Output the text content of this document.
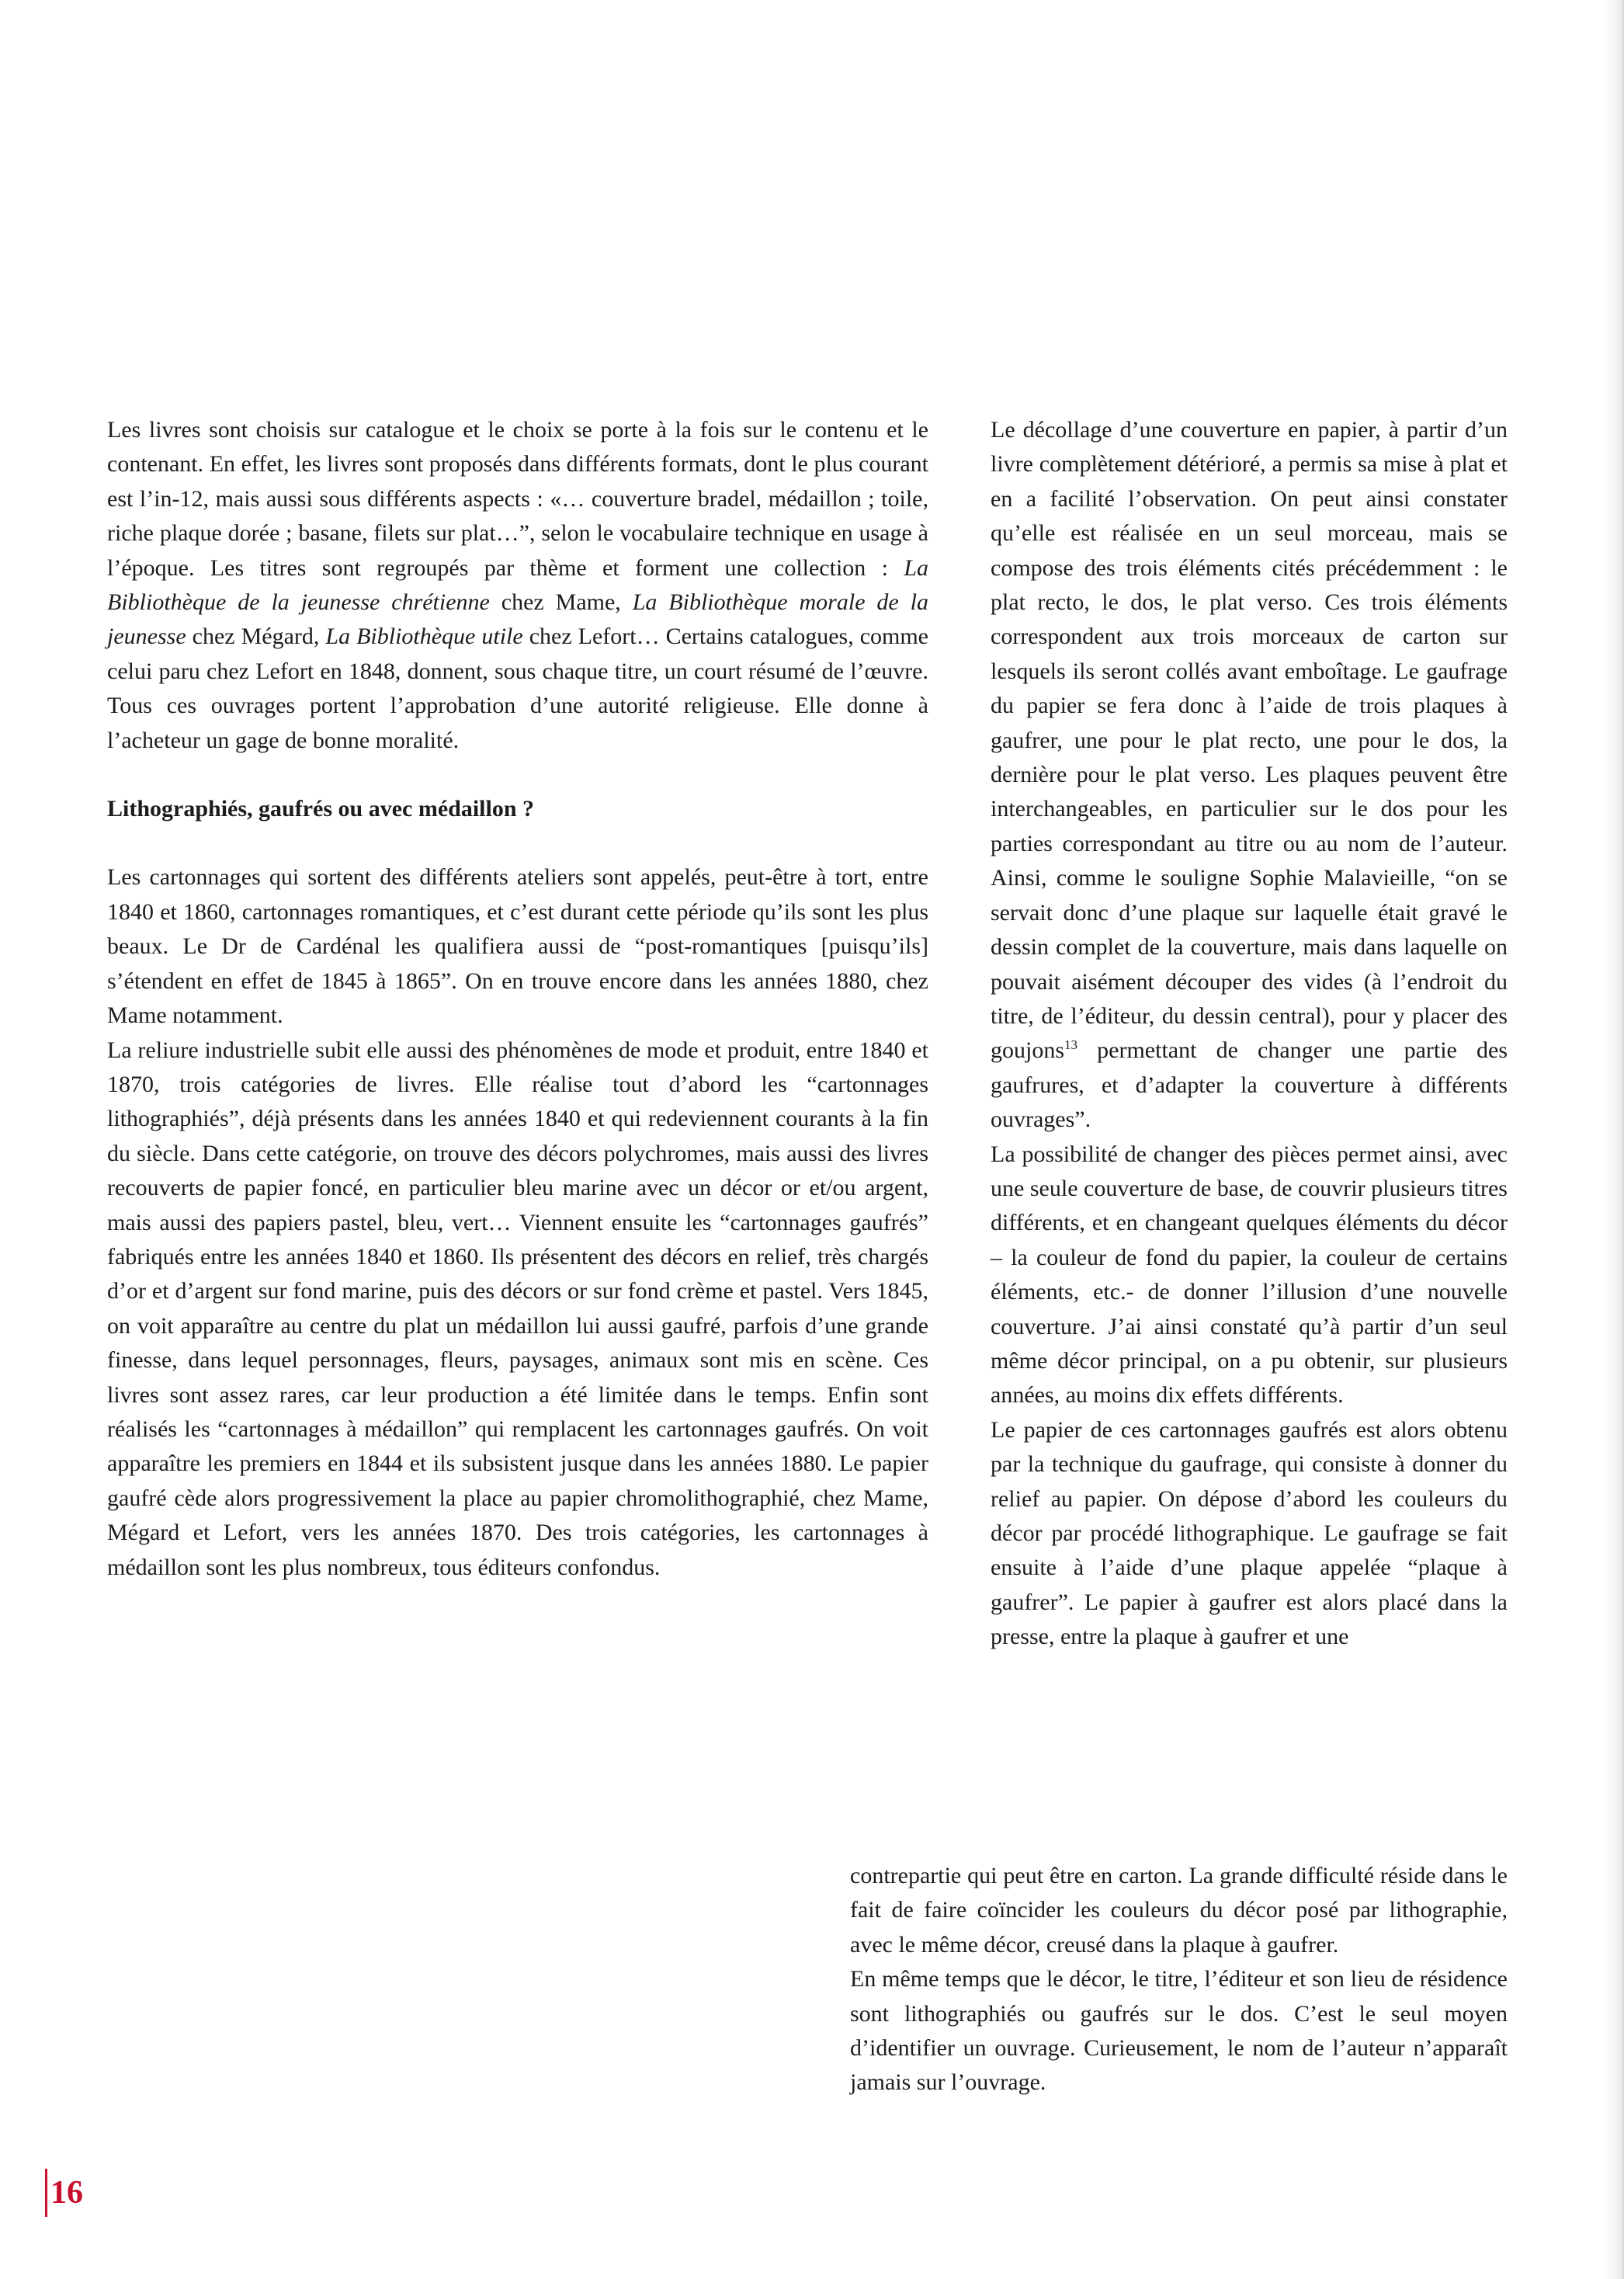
Les livres sont choisis sur catalogue et le choix se porte à la fois sur le contenu et le contenant. En effet, les livres sont proposés dans différents formats, dont le plus courant est l’in-12, mais aussi sous différents aspects : «… couverture bradel, médaillon ; toile, riche plaque dorée ; basane, filets sur plat…”, selon le vocabulaire technique en usage à l’époque. Les titres sont regroupés par thème et forment une collection : La Bibliothèque de la jeunesse chrétienne chez Mame, La Bibliothèque morale de la jeunesse chez Mégard, La Bibliothèque utile chez Lefort… Certains catalogues, comme celui paru chez Lefort en 1848, donnent, sous chaque titre, un court résumé de l’œuvre. Tous ces ouvrages portent l’approbation d’une autorité religieuse. Elle donne à l’acheteur un gage de bonne moralité.

Lithographiés, gaufrés ou avec médaillon ?

Les cartonnages qui sortent des différents ateliers sont appelés, peut-être à tort, entre 1840 et 1860, cartonnages romantiques, et c’est durant cette période qu’ils sont les plus beaux. Le Dr de Cardénal les qualifiera aussi de “post-romantiques [puisqu’ils] s’étendent en effet de 1845 à 1865”. On en trouve encore dans les années 1880, chez Mame notamment.

La reliure industrielle subit elle aussi des phénomènes de mode et produit, entre 1840 et 1870, trois catégories de livres. Elle réalise tout d’abord les “cartonnages lithographiés”, déjà présents dans les années 1840 et qui redeviennent courants à la fin du siècle. Dans cette catégorie, on trouve des décors polychromes, mais aussi des livres recouverts de papier foncé, en particulier bleu marine avec un décor or et/ou argent, mais aussi des papiers pastel, bleu, vert… Viennent ensuite les “cartonnages gaufrés” fabriqués entre les années 1840 et 1860. Ils présentent des décors en relief, très chargés d’or et d’argent sur fond marine, puis des décors or sur fond crème et pastel. Vers 1845, on voit apparaître au centre du plat un médaillon lui aussi gaufré, parfois d’une grande finesse, dans lequel personnages, fleurs, paysages, animaux sont mis en scène. Ces livres sont assez rares, car leur production a été limitée dans le temps. Enfin sont réalisés les “cartonnages à médaillon” qui remplacent les cartonnages gaufrés. On voit apparaître les premiers en 1844 et ils subsistent jusque dans les années 1880. Le papier gaufré cède alors progressivement la place au papier chromolithographié, chez Mame, Mégard et Lefort, vers les années 1870. Des trois catégories, les cartonnages à médaillon sont les plus nombreux, tous éditeurs confondus.

Le décollage d’une couverture en papier, à partir d’un livre complètement détérioré, a permis sa mise à plat et en a facilité l’observation. On peut ainsi constater qu’elle est réalisée en un seul morceau, mais se compose des trois éléments cités précédemment : le plat recto, le dos, le plat verso. Ces trois éléments correspondent aux trois morceaux de carton sur lesquels ils seront collés avant emboîtage. Le gaufrage du papier se fera donc à l’aide de trois plaques à gaufrer, une pour le plat recto, une pour le dos, la dernière pour le plat verso. Les plaques peuvent être interchangeables, en particulier sur le dos pour les parties correspondant au titre ou au nom de l’auteur. Ainsi, comme le souligne Sophie Malavieille, “on se servait donc d’une plaque sur laquelle était gravé le dessin complet de la couverture, mais dans laquelle on pouvait aisément découper des vides (à l’endroit du titre, de l’éditeur, du dessin central), pour y placer des goujons$^{13}$ permettant de changer une partie des gaufrures, et d’adapter la couverture à différents ouvrages”.

La possibilité de changer des pièces permet ainsi, avec une seule couverture de base, de couvrir plusieurs titres différents, et en changeant quelques éléments du décor – la couleur de fond du papier, la couleur de certains éléments, etc.- de donner l’illusion d’une nouvelle couverture. J’ai ainsi constaté qu’à partir d’un seul même décor principal, on a pu obtenir, sur plusieurs années, au moins dix effets différents.

Le papier de ces cartonnages gaufrés est alors obtenu par la technique du gaufrage, qui consiste à donner du relief au papier. On dépose d’abord les couleurs du décor par procédé lithographique. Le gaufrage se fait ensuite à l’aide d’une plaque appelée “plaque à gaufrer”. Le papier à gaufrer est alors placé dans la presse, entre la plaque à gaufrer et une

contrepartie qui peut être en carton. La grande difficulté réside dans le fait de faire coïncider les couleurs du décor posé par lithographie, avec le même décor, creusé dans la plaque à gaufrer.

En même temps que le décor, le titre, l’éditeur et son lieu de résidence sont lithographiés ou gaufrés sur le dos. C’est le seul moyen d’identifier un ouvrage. Curieusement, le nom de l’auteur n’apparaît jamais sur l’ouvrage.

16
